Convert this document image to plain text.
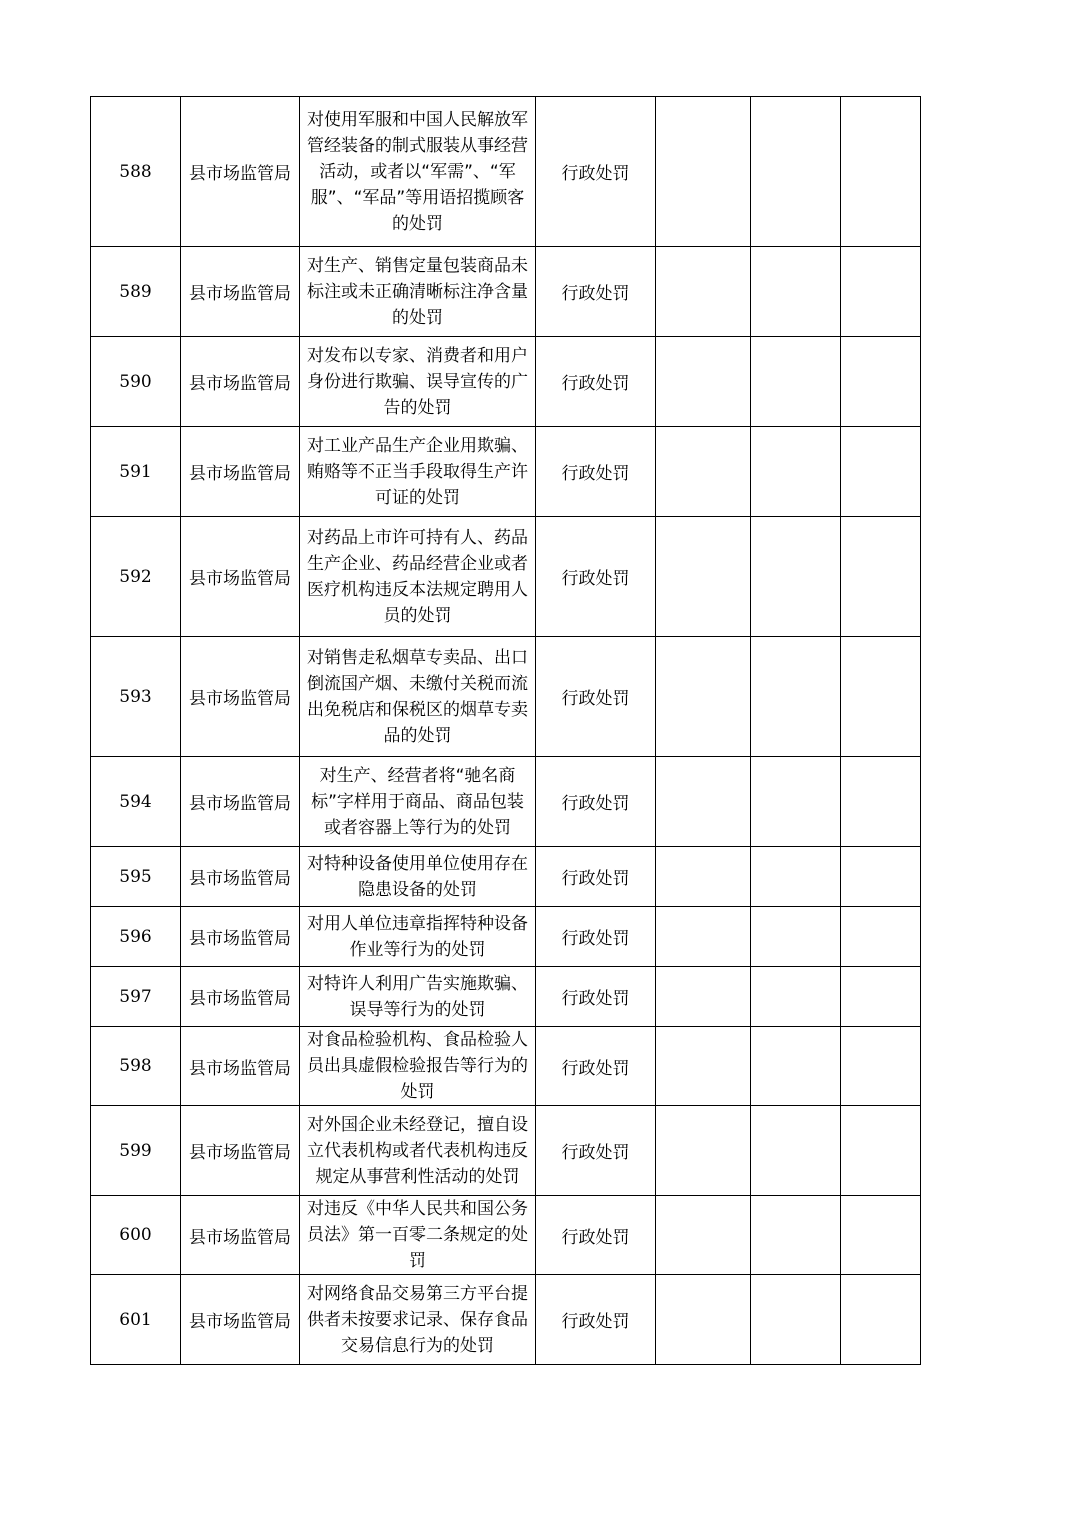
588	县市场监管局	对使用军服和中国人民解放军管经装备的制式服装从事经营活动，或者以“军需”、“军服”、“军品”等用语招揽顾客的处罚	行政处罚			

589	县市场监管局	对生产、销售定量包装商品未标注或未正确清晰标注净含量的处罚	行政处罚			

590	县市场监管局	对发布以专家、消费者和用户身份进行欺骗、误导宣传的广告的处罚	行政处罚			

591	县市场监管局	对工业产品生产企业用欺骗、贿赂等不正当手段取得生产许可证的处罚	行政处罚			

592	县市场监管局	对药品上市许可持有人、药品生产企业、药品经营企业或者医疗机构违反本法规定聘用人员的处罚	行政处罚			

593	县市场监管局	对销售走私烟草专卖品、出口倒流国产烟、未缴付关税而流出免税店和保税区的烟草专卖品的处罚	行政处罚			

594	县市场监管局	对生产、经营者将“驰名商标”字样用于商品、商品包装或者容器上等行为的处罚	行政处罚			

595	县市场监管局	对特种设备使用单位使用存在隐患设备的处罚	行政处罚			

596	县市场监管局	对用人单位违章指挥特种设备作业等行为的处罚	行政处罚			

597	县市场监管局	对特许人利用广告实施欺骗、误导等行为的处罚	行政处罚			

598	县市场监管局	对食品检验机构、食品检验人员出具虚假检验报告等行为的处罚	行政处罚			

599	县市场监管局	对外国企业未经登记，擅自设立代表机构或者代表机构违反规定从事营利性活动的处罚	行政处罚			

600	县市场监管局	对违反《中华人民共和国公务员法》第一百零二条规定的处罚	行政处罚			

601	县市场监管局	对网络食品交易第三方平台提供者未按要求记录、保存食品交易信息行为的处罚	行政处罚			
